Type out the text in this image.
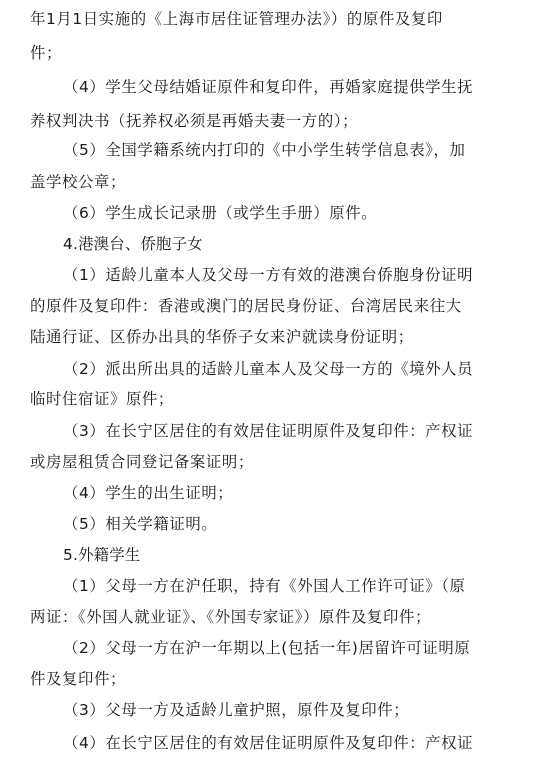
年1月1日实施的《上海市居住证管理办法》）的原件及复印
件；
（4）学生父母结婚证原件和复印件，再婚家庭提供学生抚
养权判决书（抚养权必须是再婚夫妻一方的）；
（5）全国学籍系统内打印的《中小学生转学信息表》，加
盖学校公章；
（6）学生成长记录册（或学生手册）原件。
4.港澳台、侨胞子女
（1）适龄儿童本人及父母一方有效的港澳台侨胞身份证明
的原件及复印件：香港或澳门的居民身份证、台湾居民来往大
陆通行证、区侨办出具的华侨子女来沪就读身份证明；
（2）派出所出具的适龄儿童本人及父母一方的《境外人员
临时住宿证》原件；
（3）在长宁区居住的有效居住证明原件及复印件：产权证
或房屋租赁合同登记备案证明；
（4）学生的出生证明；
（5）相关学籍证明。
5.外籍学生
（1）父母一方在沪任职，持有《外国人工作许可证》（原
两证：《外国人就业证》、《外国专家证》）原件及复印件；
（2）父母一方在沪一年期以上(包括一年)居留许可证明原
件及复印件；
（3）父母一方及适龄儿童护照，原件及复印件；
（4）在长宁区居住的有效居住证明原件及复印件：产权证
